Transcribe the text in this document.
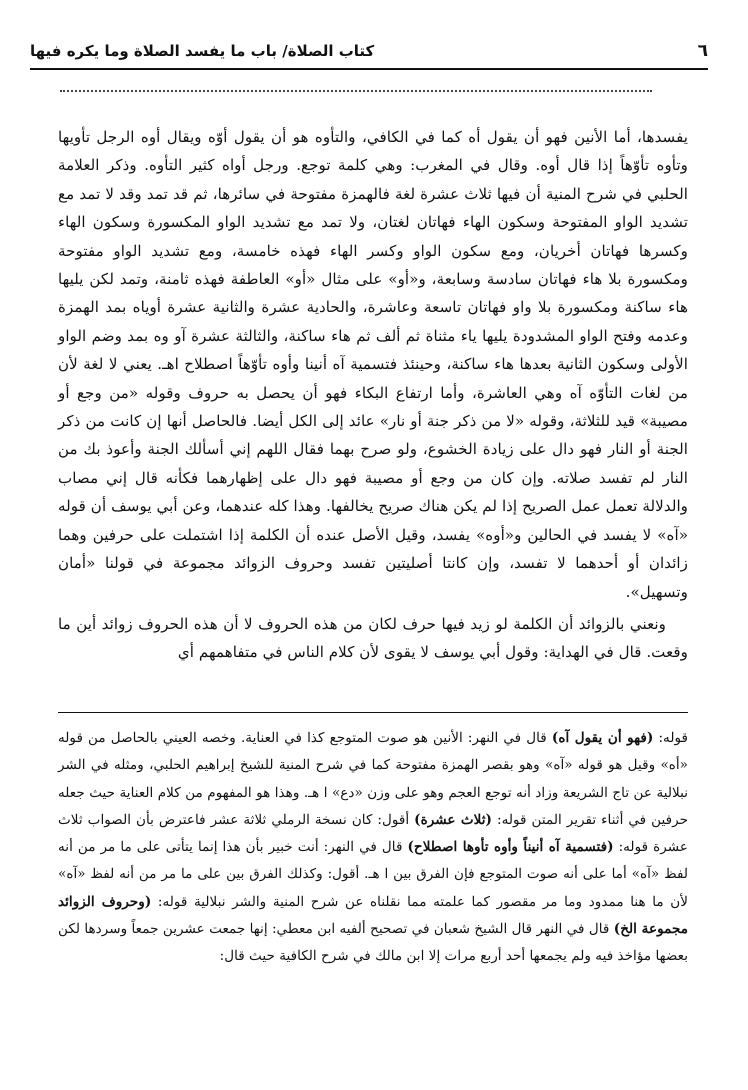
٦
كتاب الصلاة/ باب ما يفسد الصلاة وما يكره فيها

يفسدها، أما الأنين فهو أن يقول أه كما في الكافي، والتأوه هو أن يقول أوّه ويقال أوه الرجل تأويها وتأوه تأوّهاً إذا قال أوه. وقال في المغرب: وهي كلمة توجع. ورجل أواه كثير التأوه. وذكر العلامة الحلبي في شرح المنية أن فيها ثلاث عشرة لغة فالهمزة مفتوحة في سائرها، ثم قد تمد وقد لا تمد مع تشديد الواو المفتوحة وسكون الهاء فهاتان لغتان، ولا تمد مع تشديد الواو المكسورة وسكون الهاء وكسرها فهاتان أخريان، ومع سكون الواو وكسر الهاء فهذه خامسة، ومع تشديد الواو مفتوحة ومكسورة بلا هاء فهاتان سادسة وسابعة، و«أو» على مثال «أو» العاطفة فهذه ثامنة، وتمد لكن يليها هاء ساكنة ومكسورة بلا واو فهاتان تاسعة وعاشرة، والحادية عشرة والثانية عشرة أوياه بمد الهمزة وعدمه وفتح الواو المشدودة يليها ياء مثناة ثم ألف ثم هاء ساكنة، والثالثة عشرة آو وه بمد وضم الواو الأولى وسكون الثانية بعدها هاء ساكنة، وحينئذ فتسمية آه أنينا وأوه تأوّهاً اصطلاح اهـ. يعني لا لغة لأن من لغات التأوّه آه وهي العاشرة، وأما ارتفاع البكاء فهو أن يحصل به حروف وقوله «من وجع أو مصيبة» قيد للثلاثة، وقوله «لا من ذكر جنة أو نار» عائد إلى الكل أيضا. فالحاصل أنها إن كانت من ذكر الجنة أو النار فهو دال على زيادة الخشوع، ولو صرح بهما فقال اللهم إني أسألك الجنة وأعوذ بك من النار لم تفسد صلاته. وإن كان من وجع أو مصيبة فهو دال على إظهارهما فكأنه قال إني مصاب والدلالة تعمل عمل الصريح إذا لم يكن هناك صريح يخالفها. وهذا كله عندهما، وعن أبي يوسف أن قوله «آه» لا يفسد في الحالين و«أوه» يفسد، وقيل الأصل عنده أن الكلمة إذا اشتملت على حرفين وهما زائدان أو أحدهما لا تفسد، وإن كانتا أصليتين تفسد وحروف الزوائد مجموعة في قولنا «أمان وتسهيل».

ونعني بالزوائد أن الكلمة لو زيد فيها حرف لكان من هذه الحروف لا أن هذه الحروف زوائد أين ما وقعت. قال في الهداية: وقول أبي يوسف لا يقوى لأن كلام الناس في متفاهمهم أي

قوله: (فهو أن يقول آه) قال في النهر: الأنين هو صوت المتوجع كذا في العناية. وخصه العيني بالحاصل من قوله «أه» وقيل هو قوله «آه» وهو بقصر الهمزة مفتوحة كما في شرح المنية للشيخ إبراهيم الحلبي، ومثله في الشر نبلالية عن تاج الشريعة وزاد أنه توجع العجم وهو على وزن «دع» ا هـ. وهذا هو المفهوم من كلام العناية حيث جعله حرفين في أثناء تقرير المتن قوله: (ثلاث عشرة) أقول: كان نسخة الرملي ثلاثة عشر فاعترض بأن الصواب ثلاث عشرة قوله: (فتسمية آه أنيناً وأوه تأوها اصطلاح) قال في النهر: أنت خبير بأن هذا إنما يتأتى على ما مر من أنه لفظ «آه» أما على أنه صوت المتوجع فإن الفرق بين ا هـ. أقول: وكذلك الفرق بين على ما مر من أنه لفظ «آه» لأن ما هنا ممدود وما مر مقصور كما علمته مما نقلناه عن شرح المنية والشر نبلالية قوله: (وحروف الزوائد مجموعة الخ) قال في النهر قال الشيخ شعبان في تصحيح ألفيه ابن معطي: إنها جمعت عشرين جمعاً وسردها لكن بعضها مؤاخذ فيه ولم يجمعها أحد أربع مرات إلا ابن مالك في شرح الكافية حيث قال:
